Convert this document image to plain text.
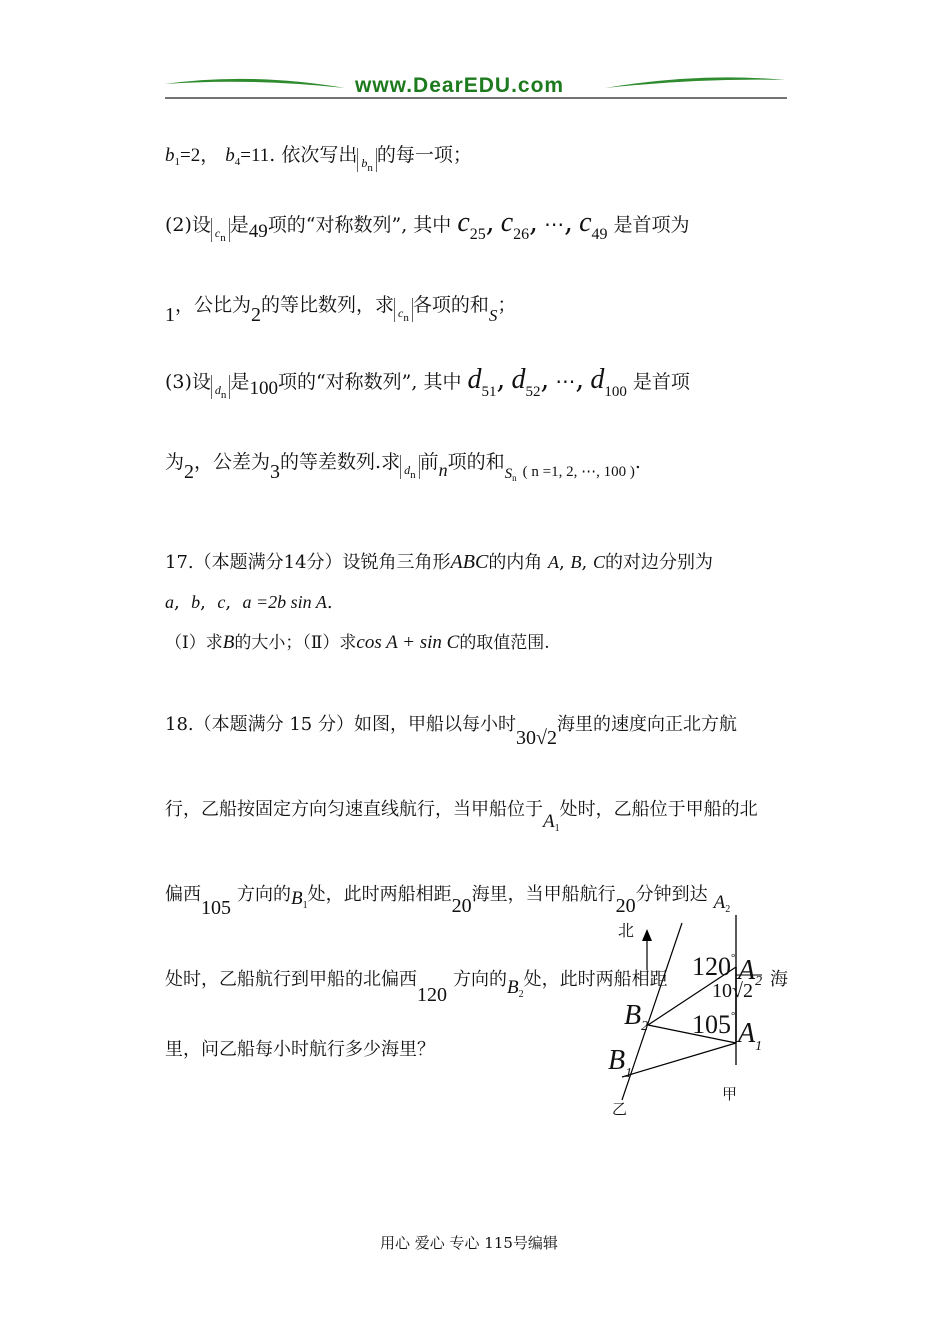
www.DearEDU.com
$b_1=2$， $b_4=11$. 依次写出 $b_n$的每一项；
(2)设 $c_n$是49项的“对称数列”, 其中 $c_{25}$, $c_{26}$, ⋯, $c_{49}$ 是首项为
1，公比为2的等比数列，求 $c_n$各项的和S；
(3)设 $d_n$是100项的“对称数列”, 其中 $d_{51}$, $d_{52}$, ⋯, $d_{100}$ 是首项
为2，公差为3的等差数列.求 $d_n$前n项的和$_{Sn}$ $_{( n =1, 2, \cdots, 100 )}$.
17.（本题满分14分）设锐角三角形ABC的内角 A, B, C的对边分别为
a,  b,  c,  a =2b sin A.
（Ⅰ）求B的大小；（Ⅱ）求cos A + sin C的取值范围.
18.（本题满分 15 分）如图，甲船以每小时30√2海里的速度向正北方航
行，乙船按固定方向匀速直线航行，当甲船位于$A_1$处时，乙船位于甲船的北
偏西105方向的$B_1$处，此时两船相距20海里，当甲船航行20分钟到达 $A_2$
处时，乙船航行到甲船的北偏西120方向的$B_2$处，此时两船相距	海
里，问乙船每小时航行多少海里？
北
120° $A_2$
10√2
$B_2$ 105°
$A_1$
$B_1$
甲
乙
用心 爱心 专心 115号编辑
